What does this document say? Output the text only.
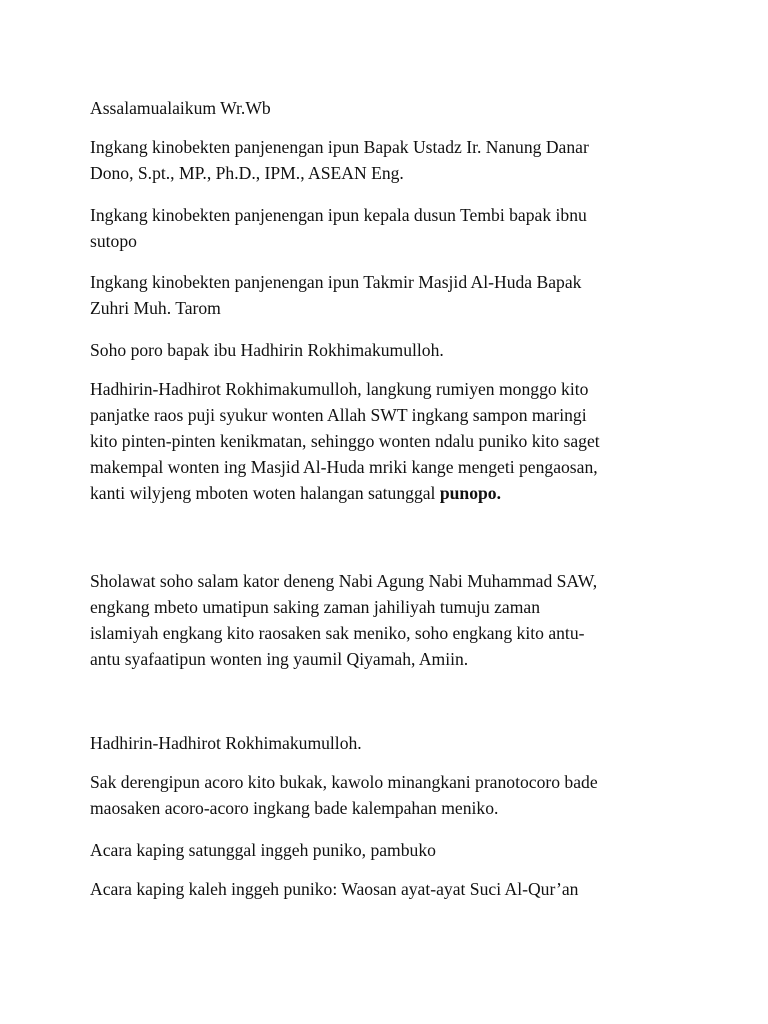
Assalamualaikum Wr.Wb

Ingkang kinobekten panjenengan ipun Bapak Ustadz Ir. Nanung Danar
Dono, S.pt., MP., Ph.D., IPM., ASEAN Eng.

Ingkang kinobekten panjenengan ipun kepala dusun Tembi bapak ibnu
sutopo

Ingkang kinobekten panjenengan ipun Takmir Masjid Al-Huda Bapak
Zuhri Muh. Tarom

Soho poro bapak ibu Hadhirin Rokhimakumulloh.

Hadhirin-Hadhirot Rokhimakumulloh, langkung rumiyen monggo kito
panjatke raos puji syukur wonten Allah SWT ingkang sampon maringi
kito pinten-pinten kenikmatan, sehinggo wonten ndalu puniko kito saget
makempal wonten ing Masjid Al-Huda mriki kange mengeti pengaosan,
kanti wilyjeng mboten woten halangan satunggal punopo.

Sholawat soho salam kator deneng Nabi Agung Nabi Muhammad SAW,
engkang mbeto umatipun saking zaman jahiliyah tumuju zaman
islamiyah engkang kito raosaken sak meniko, soho engkang kito antu-
antu syafaatipun wonten ing yaumil Qiyamah, Amiin.

Hadhirin-Hadhirot Rokhimakumulloh.

Sak derengipun acoro kito bukak, kawolo minangkani pranotocoro bade
maosaken acoro-acoro ingkang bade kalempahan meniko.

Acara kaping satunggal inggeh puniko, pambuko

Acara kaping kaleh inggeh puniko: Waosan ayat-ayat Suci Al-Qur’an
